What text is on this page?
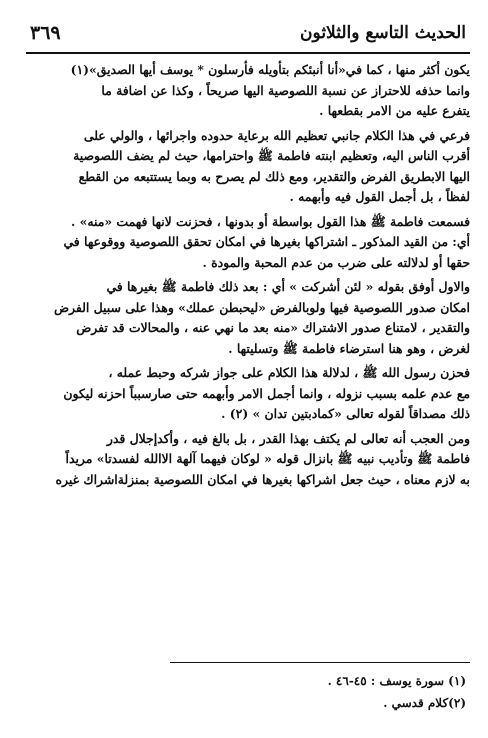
الحديث التاسع والثلاثون
٣٦٩
يكون أكثر منها ، كما في«أنا أنبئكم بتأويله فأرسلون * يوسف أيها الصديق»(١)
وانما حذفه للاحتراز عن نسبة اللصوصية اليها صريحاً ، وكذا عن اضافة ما
يتفرع عليه من الامر بقطعها .
فرعي في هذا الكلام جانبي تعظيم الله برعاية حدوده واجرائها ، والولي على
أقرب الناس اليه، وتعظيم ابنته فاطمة ﷺ واحترامها، حيث لم يضف اللصوصية
اليها الابطريق الفرض والتقدير، ومع ذلك لم يصرح به وبما يستتبعه من القطع
لفظاً ، بل أجمل القول فيه وأبهمه .
فسمعت فاطمة ﷺ هذا القول بواسطة أو بدونها ، فحزنت لانها فهمت «منه» .
أي: من القيد المذكور ـ اشتراكها بغيرها في امكان تحقق اللصوصية ووقوعها في
حقها أو لدلالته على ضرب من عدم المحبة والمودة .
والاول أوفق بقوله « لئن أشركت » أي : بعد ذلك فاطمة ﷺ بغيرها في
امكان صدور اللصوصية فيها ولوبالفرض «ليحبطن عملك» وهذا على سبيل الفرض
والتقدير ، لامتناع صدور الاشتراك «منه بعد ما نهي عنه ، والمحالات قد تفرض
لغرض ، وهو هنا استرضاء فاطمة ﷺ وتسليتها .
فحزن رسول الله ﷺ ، لدلالة هذا الكلام على جواز شركه وحبط عمله ،
مع عدم علمه بسبب نزوله ، وانما أجمل الامر وأبهمه حتى صارسبباً احزنه ليكون
ذلك مصداقاً لقوله تعالى «كمادبتين تدان » (٢) .
ومن العجب أنه تعالى لم يكتف بهذا القدر ، بل بالغ فيه ، وأكدإجلال قدر
فاطمة ﷺ وتأديب نبيه ﷺ بانزال قوله « لوكان فيهما آلهة الاالله لفسدتا» مريداً
به لازم معناه ، حيث جعل اشراكها بغيرها في امكان اللصوصية بمنزلةاشراك غيره
(١) سورة يوسف : ٤٥-٤٦ .
(٢)كلام قدسي .
